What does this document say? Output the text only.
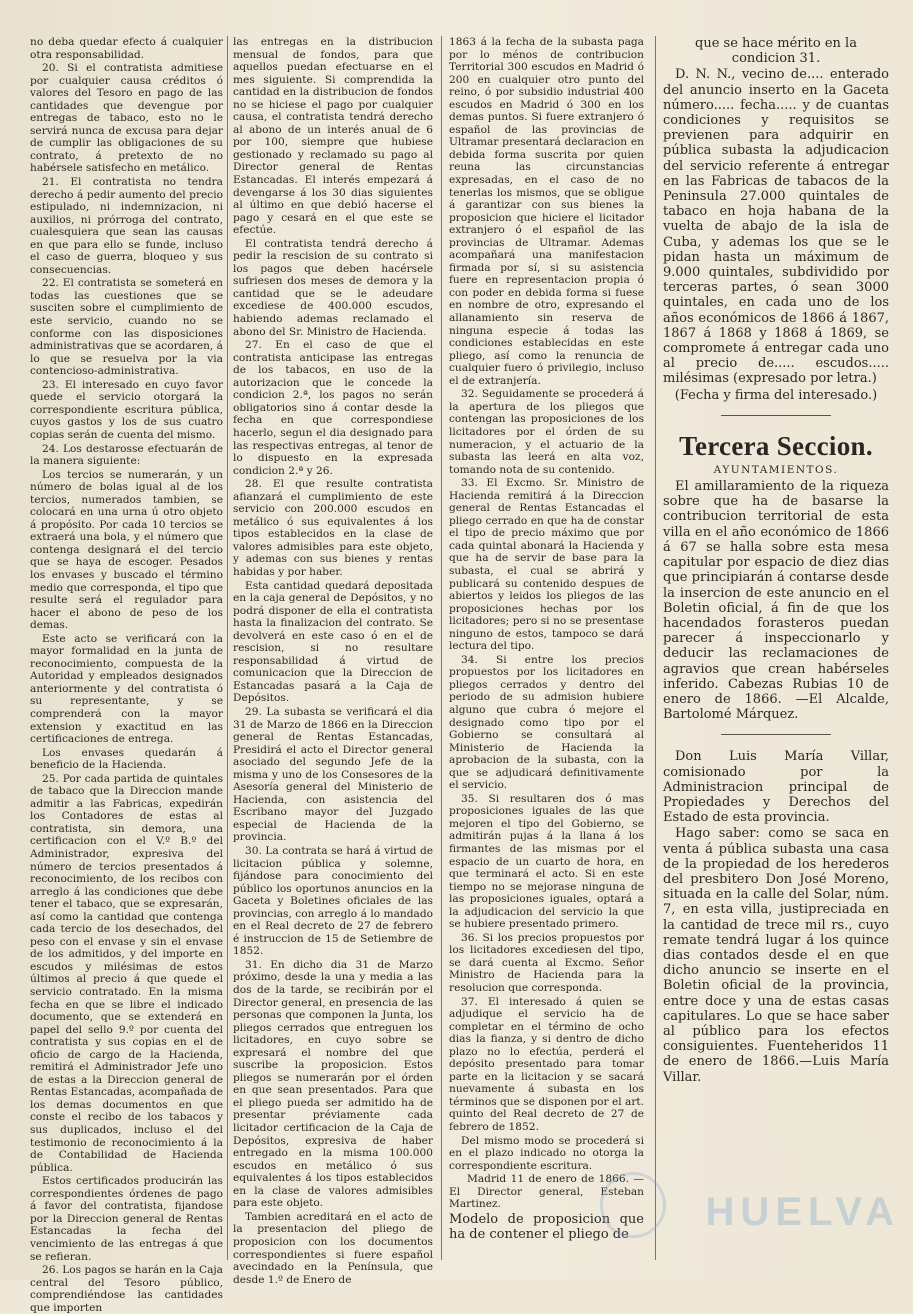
no deba quedar efecto á cualquier otra responsabilidad.

20. Si el contratista admitiese por cualquier causa créditos ó valores del Tesoro en pago de las cantidades que devengue por entregas de tabaco, esto no le servirá nunca de excusa para dejar de cumplir las obligaciones de su contrato, á pretexto de no habérsele satisfecho en metálico.

21. El contratista no tendra derecho á pedir aumento del precio estipulado, ni indemnizacion, ni auxilios, ni prórroga del contrato, cualesquiera que sean las causas en que para ello se funde, incluso el caso de guerra, bloqueo y sus consecuencias.

22. El contratista se someterá en todas las cuestiones que se susciten sobre el cumplimiento de este servicio, cuando no se conforme con las disposiciones administrativas que se acordaren, á lo que se resuelva por la via contencioso-administrativa.

23. El interesado en cuyo favor quede el servicio otorgará la correspondiente escritura pública, cuyos gastos y los de sus cuatro copias serán de cuenta del mismo.

24. Los destarosse efectuarán de la manera siguiente:

Los tercios se numerarán, y un número de bolas igual al de los tercios, numerados tambien, se colocará en una urna ú otro objeto á propósito. Por cada 10 tercios se extraerá una bola, y el número que contenga designará el del tercio que se haya de escoger. Pesados los envases y buscado el término medio que corresponda, el tipo que resulte será el regulador para hacer el abono de peso de los demas.

Este acto se verificará con la mayor formalidad en la junta de reconocimiento, compuesta de la Autoridad y empleados designados anteriormente y del contratista ó su representante, y se comprenderá con la mayor extension y exactitud en las certificaciones de entrega.

Los envases quedarán á beneficio de la Hacienda.

25. Por cada partida de quintales de tabaco que la Direccion mande admitir a las Fabricas, expedirán los Contadores de estas al contratista, sin demora, una certificacion con el V.º B.º del Administrador, expresiva del número de tercios presentados á reconocimiento, de los recibos con arreglo á las condiciones que debe tener el tabaco, que se expresarán, así como la cantidad que contenga cada tercio de los desechados, del peso con el envase y sin el envase de los admitidos, y del importe en escudos y milésimas de estos últimos al precio á que quede el servicio contratado. En la misma fecha en que se libre el indicado documento, que se extenderá en papel del sello 9.º por cuenta del contratista y sus copias en el de oficio de cargo de la Hacienda, remitirá el Administrador Jefe uno de estas a la Direccion general de Rentas Estancadas, acompañada de los demas documentos en que conste el recibo de los tabacos y sus duplicados, incluso el del testimonio de reconocimiento á la de Contabilidad de Hacienda pública.

Estos certificados producirán las correspondientes órdenes de pago á favor del contratista, fijandose por la Direccion general de Rentas Estancadas la fecha del vencimiento de las entregas á que se refieran.

26. Los pagos se harán en la Caja central del Tesoro público, comprendiéndose las cantidades que importen

las entregas en la distribucion mensual de fondos, para que aquellos puedan efectuarse en el mes siguiente. Si comprendida la cantidad en la distribucion de fondos no se hiciese el pago por cualquier causa, el contratista tendrá derecho al abono de un interés anual de 6 por 100, siempre que hubiese gestionado y reclamado su pago al Director general de Rentas Estancadas. El interés empezará á devengarse á los 30 dias siguientes al último en que debió hacerse el pago y cesará en el que este se efectúe.

El contratista tendrá derecho á pedir la rescision de su contrato si los pagos que deben hacérsele sufriesen dos meses de demora y la cantidad que se le adeudare excediese de 400.000 escudos, habiendo ademas reclamado el abono del Sr. Ministro de Hacienda.

27. En el caso de que el contratista anticipase las entregas de los tabacos, en uso de la autorizacion que le concede la condicion 2.ª, los pagos no serán obligatorios sino á contar desde la fecha en que correspondiese hacerlo, segun el dia designado para las respectivas entregas, al tenor de lo dispuesto en la expresada condicion 2.ª y 26.

28. El que resulte contratista afianzará el cumplimiento de este servicio con 200.000 escudos en metálico ó sus equivalentes á los tipos establecidos en la clase de valores admisibles para este objeto, y ademas con sus bienes y rentas habidas y por haber.

Esta cantidad quedará depositada en la caja general de Depósitos, y no podrá disponer de ella el contratista hasta la finalizacion del contrato. Se devolverá en este caso ó en el de rescision, si no resultare responsabilidad á virtud de comunicacion que la Direccion de Estancadas pasará a la Caja de Depósitos.

29. La subasta se verificará el dia 31 de Marzo de 1866 en la Direccion general de Rentas Estancadas, Presidirá el acto el Director general asociado del segundo Jefe de la misma y uno de los Consesores de la Asesoría general del Ministerio de Hacienda, con asistencia del Escribano mayor del Juzgado especial de Hacienda de la provincia.

30. La contrata se hará á virtud de licitacion pública y solemne, fijándose para conocimiento del público los oportunos anuncios en la Gaceta y Boletines oficiales de las provincias, con arreglo á lo mandado en el Real decreto de 27 de febrero é instruccion de 15 de Setiembre de 1852.

31. En dicho dia 31 de Marzo próximo, desde la una y media a las dos de la tarde, se recibirán por el Director general, en presencia de las personas que componen la Junta, los pliegos cerrados que entreguen los licitadores, en cuyo sobre se expresará el nombre del que suscribe la proposicion. Estos pliegos se numerarán por el órden en que sean presentados. Para que el pliego pueda ser admitido ha de presentar préviamente cada licitador certificacion de la Caja de Depósitos, expresiva de haber entregado en la misma 100.000 escudos en metálico ó sus equivalentes á los tipos establecidos en la clase de valores admisibles para este objeto.

Tambien acreditará en el acto de la presentacion del pliego de proposicion con los documentos correspondientes si fuere español avecindado en la Península, que desde 1.º de Enero de

1863 á la fecha de la subasta paga por lo ménos de contribucion Territorial 300 escudos en Madrid ó 200 en cualquier otro punto del reino, ó por subsidio industrial 400 escudos en Madrid ó 300 en los demas puntos. Si fuere extranjero ó español de las provincias de Ultramar presentará declaracion en debida forma suscrita por quien reuna las circunstancias expresadas, en el caso de no tenerlas los mismos, que se obligue á garantizar con sus bienes la proposicion que hiciere el licitador extranjero ó el español de las provincias de Ultramar. Ademas acompañará una manifestacion firmada por sí, si su asistencia fuere en representacion propia ó con poder en debida forma si fuese en nombre de otro, expresando el allanamiento sin reserva de ninguna especie á todas las condiciones establecidas en este pliego, así como la renuncia de cualquier fuero ó privilegio, incluso el de extranjería.

32. Seguidamente se procederá á la apertura de los pliegos que contengan las proposiciones de los licitadores por el órden de su numeracion, y el actuario de la subasta las leerá en alta voz, tomando nota de su contenido.

33. El Excmo. Sr. Ministro de Hacienda remitirá á la Direccion general de Rentas Estancadas el pliego cerrado en que ha de constar el tipo de precio máximo que por cada quintal abonará la Hacienda y que ha de servir de base para la subasta, el cual se abrirá y publicará su contenido despues de abiertos y leidos los pliegos de las proposiciones hechas por los licitadores; pero si no se presentase ninguno de estos, tampoco se dará lectura del tipo.

34. Si entre los precios propuestos por los licitadores en pliegos cerrados y dentro del periodo de su admision hubiere alguno que cubra ó mejore el designado como tipo por el Gobierno se consultará al Ministerio de Hacienda la aprobacion de la subasta, con la que se adjudicará definitivamente el servicio.

35. Si resultaren dos ó mas proposiciones iguales de las que mejoren el tipo del Gobierno, se admitirán pujas á la llana á los firmantes de las mismas por el espacio de un cuarto de hora, en que terminará el acto. Si en este tiempo no se mejorase ninguna de las proposiciones iguales, optará a la adjudicacion del servicio la que se hubiere presentado primero.

36. Si los precios propuestos por los licitadores excediesen del tipo, se dará cuenta al Excmo. Señor Ministro de Hacienda para la resolucion que corresponda.

37. El interesado á quien se adjudique el servicio ha de completar en el término de ocho dias la fianza, y si dentro de dicho plazo no lo efectúa, perderá el depósito presentado para tomar parte en la licitacion y se sacará nuevamente á subasta en los términos que se disponen por el art. quinto del Real decreto de 27 de febrero de 1852.

Del mismo modo se procederá si en el plazo indicado no otorga la correspondiente escritura.

Madrid 11 de enero de 1866. — El Director general, Esteban Martinez.

Modelo de proposicion que ha de contener el pliego de

que se hace mérito en la condicion 31.

D. N. N., vecino de.... enterado del anuncio inserto en la Gaceta número..... fecha..... y de cuantas condiciones y requisitos se previenen para adquirir en pública subasta la adjudicacion del servicio referente á entregar en las Fabricas de tabacos de la Peninsula 27.000 quintales de tabaco en hoja habana de la vuelta de abajo de la isla de Cuba, y ademas los que se le pidan hasta un máximum de 9.000 quintales, subdividido por terceras partes, ó sean 3000 quintales, en cada uno de los años económicos de 1866 á 1867, 1867 á 1868 y 1868 á 1869, se compromete á entregar cada uno al precio de..... escudos..... milésimas (expresado por letra.)

(Fecha y firma del interesado.)

Tercera Seccion.

AYUNTAMIENTOS.

El amillaramiento de la riqueza sobre que ha de basarse la contribucion territorial de esta villa en el año económico de 1866 á 67 se halla sobre esta mesa capitular por espacio de diez dias que principiarán á contarse desde la insercion de este anuncio en el Boletin oficial, á fin de que los hacendados forasteros puedan parecer á inspeccionarlo y deducir las reclamaciones de agravios que crean habérseles inferido. Cabezas Rubias 10 de enero de 1866. —El Alcalde, Bartolomé Márquez.

Don Luis María Villar, comisionado por la Administracion principal de Propiedades y Derechos del Estado de esta provincia.

Hago saber: como se saca en venta á pública subasta una casa de la propiedad de los herederos del presbitero Don José Moreno, situada en la calle del Solar, núm. 7, en esta villa, justipreciada en la cantidad de trece mil rs., cuyo remate tendrá lugar á los quince dias contados desde el en que dicho anuncio se inserte en el Boletin oficial de la provincia, entre doce y una de estas casas capitulares. Lo que se hace saber al público para los efectos consiguientes. Fuenteheridos 11 de enero de 1866.—Luis María Villar.

HUELVA
